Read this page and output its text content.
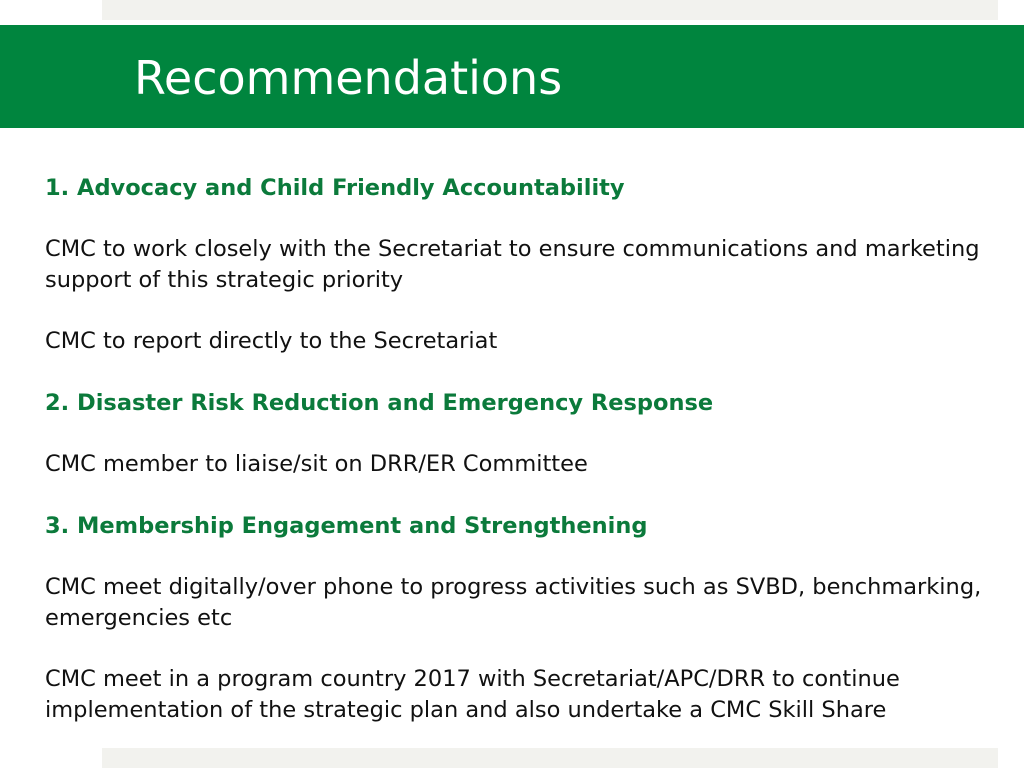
Recommendations

1. Advocacy and Child Friendly Accountability

CMC to work closely with the Secretariat to ensure communications and marketing support of this strategic priority

CMC to report directly to the Secretariat

2. Disaster Risk Reduction and Emergency Response

CMC member to liaise/sit on DRR/ER Committee

3. Membership Engagement and Strengthening

CMC meet digitally/over phone to progress activities such as SVBD, benchmarking, emergencies etc

CMC meet in a program country 2017 with Secretariat/APC/DRR to continue implementation of the strategic plan and also undertake a CMC Skill Share
